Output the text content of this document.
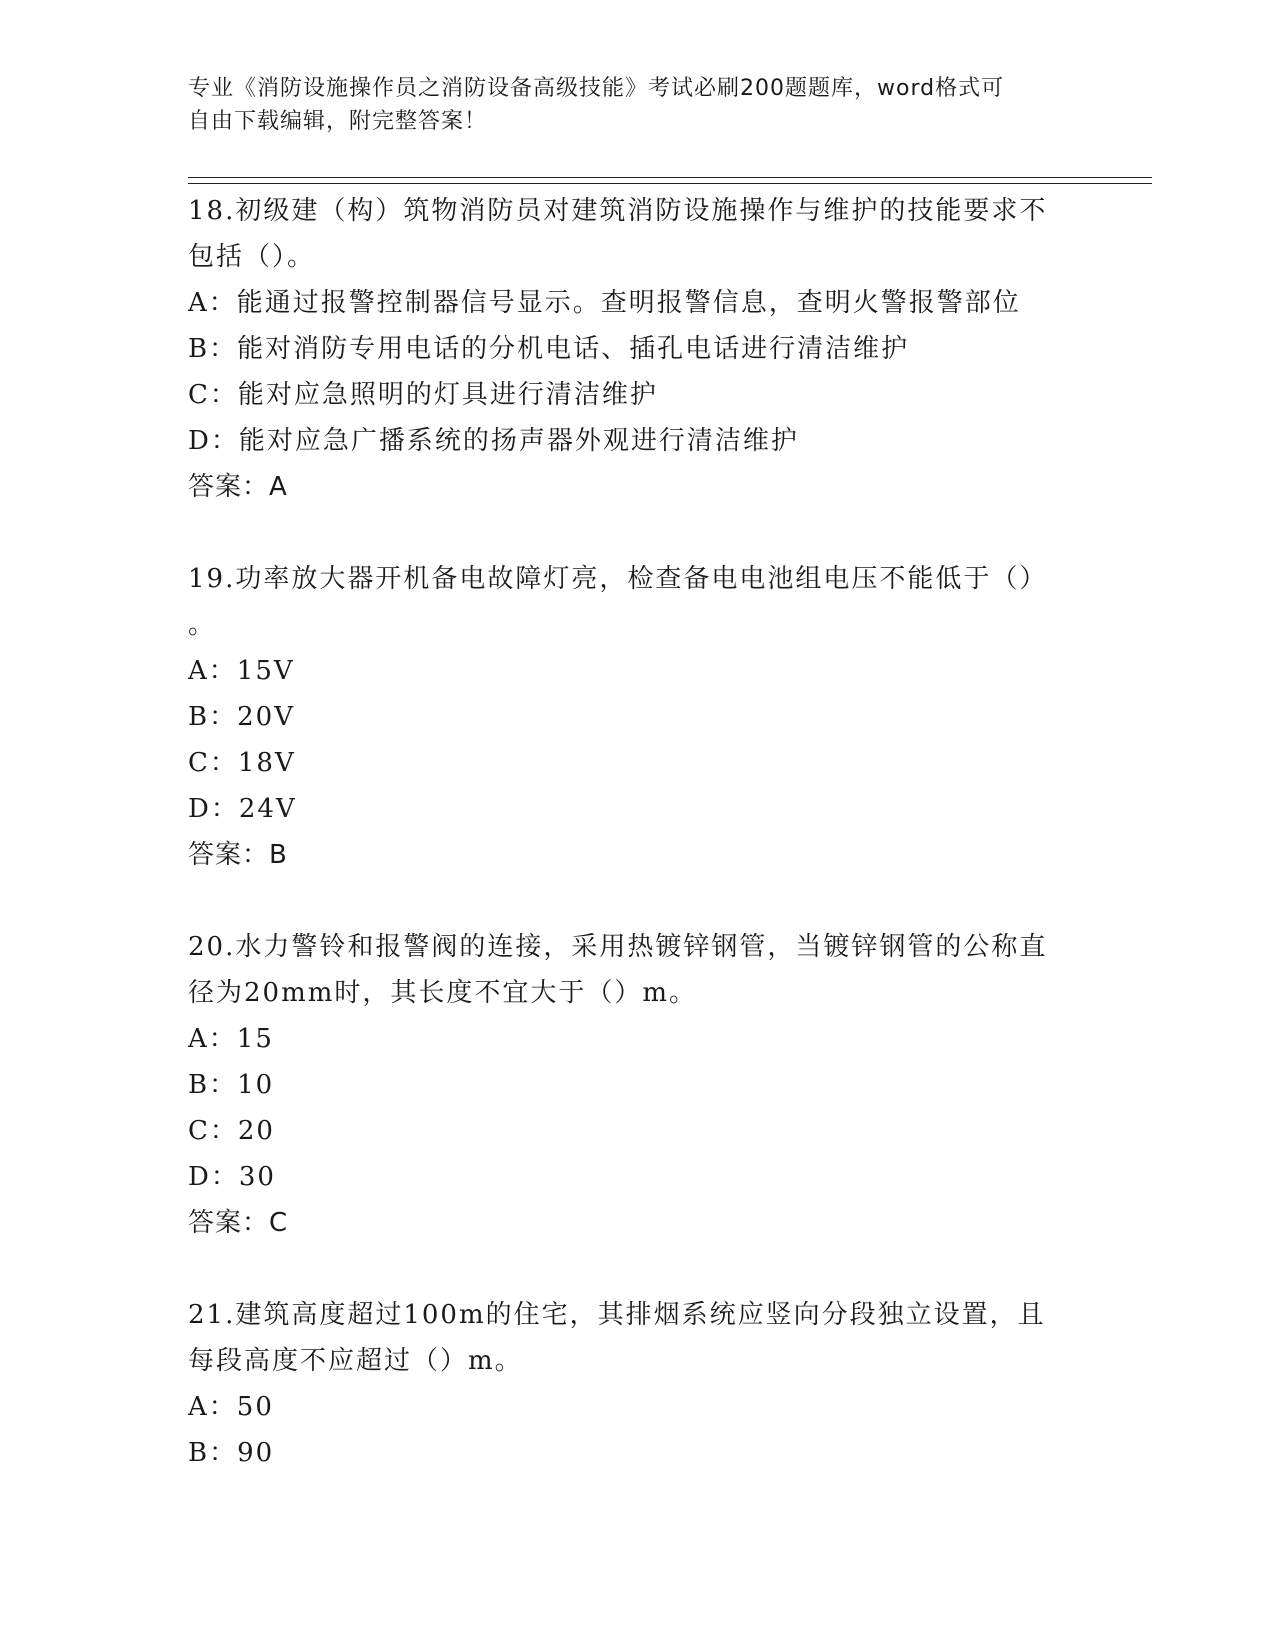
专业《消防设施操作员之消防设备高级技能》考试必刷200题题库，word格式可
自由下载编辑，附完整答案！

18.初级建（构）筑物消防员对建筑消防设施操作与维护的技能要求不

包括（）。

A：能通过报警控制器信号显示。查明报警信息，查明火警报警部位

B：能对消防专用电话的分机电话、插孔电话进行清洁维护

C：能对应急照明的灯具进行清洁维护

D：能对应急广播系统的扬声器外观进行清洁维护

答案：A

19.功率放大器开机备电故障灯亮，检查备电电池组电压不能低于（）

。

A：15V

B：20V

C：18V

D：24V

答案：B

20.水力警铃和报警阀的连接，采用热镀锌钢管，当镀锌钢管的公称直

径为20mm时，其长度不宜大于（）m。

A：15

B：10

C：20

D：30

答案：C

21.建筑高度超过100m的住宅，其排烟系统应竖向分段独立设置，且

每段高度不应超过（）m。

A：50

B：90
